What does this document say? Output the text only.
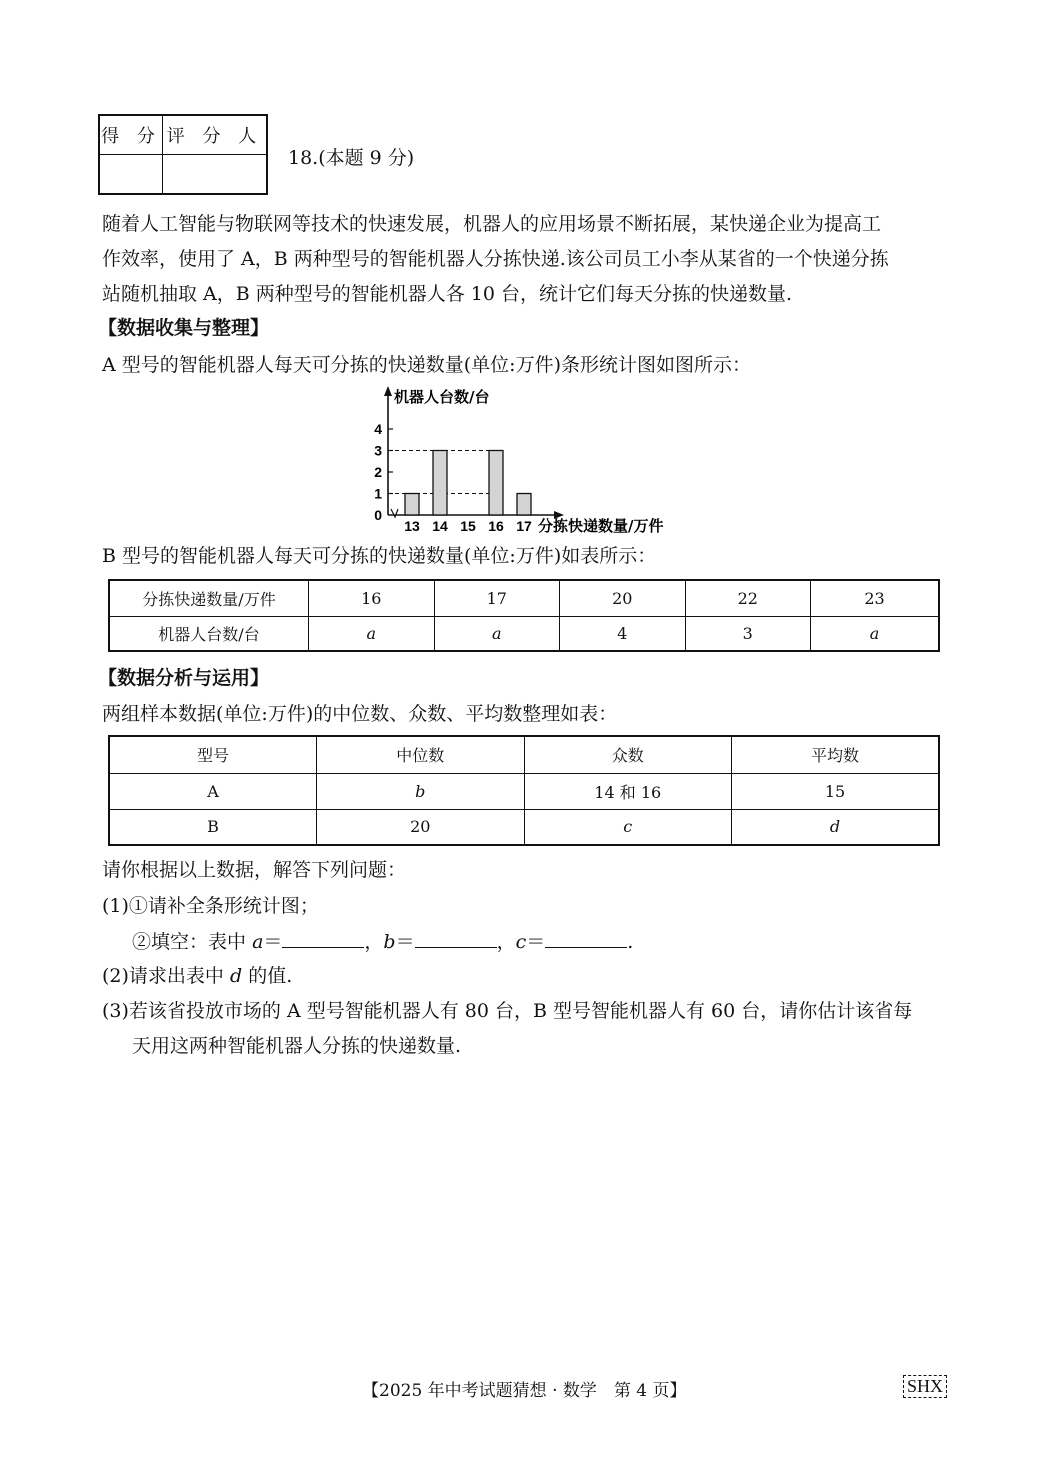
得 分	评 分 人

18.(本题 9 分)
随着人工智能与物联网等技术的快速发展，机器人的应用场景不断拓展，某快递企业为提高工
作效率，使用了 A，B 两种型号的智能机器人分拣快递.该公司员工小李从某省的一个快递分拣
站随机抽取 A，B 两种型号的智能机器人各 10 台，统计它们每天分拣的快递数量.
【数据收集与整理】
A 型号的智能机器人每天可分拣的快递数量(单位:万件)条形统计图如图所示：
0
1
2
3
4
13 14 15 16 17
机器人台数/台
分拣快递数量/万件
B 型号的智能机器人每天可分拣的快递数量(单位:万件)如表所示：
分拣快递数量/万件	16	17	20	22	23
机器人台数/台	a	a	4	3	a
【数据分析与运用】
两组样本数据(单位:万件)的中位数、众数、平均数整理如表：
型号	中位数	众数	平均数
A	b	14 和 16	15
B	20	c	d
请你根据以上数据，解答下列问题：
(1)①请补全条形统计图；
②填空：表中 a＝	，b＝	，c＝	.
(2)请求出表中 d 的值.
(3)若该省投放市场的 A 型号智能机器人有 80 台，B 型号智能机器人有 60 台，请你估计该省每
天用这两种智能机器人分拣的快递数量.
【2025 年中考试题猜想 · 数学　第 4 页】	SHX
